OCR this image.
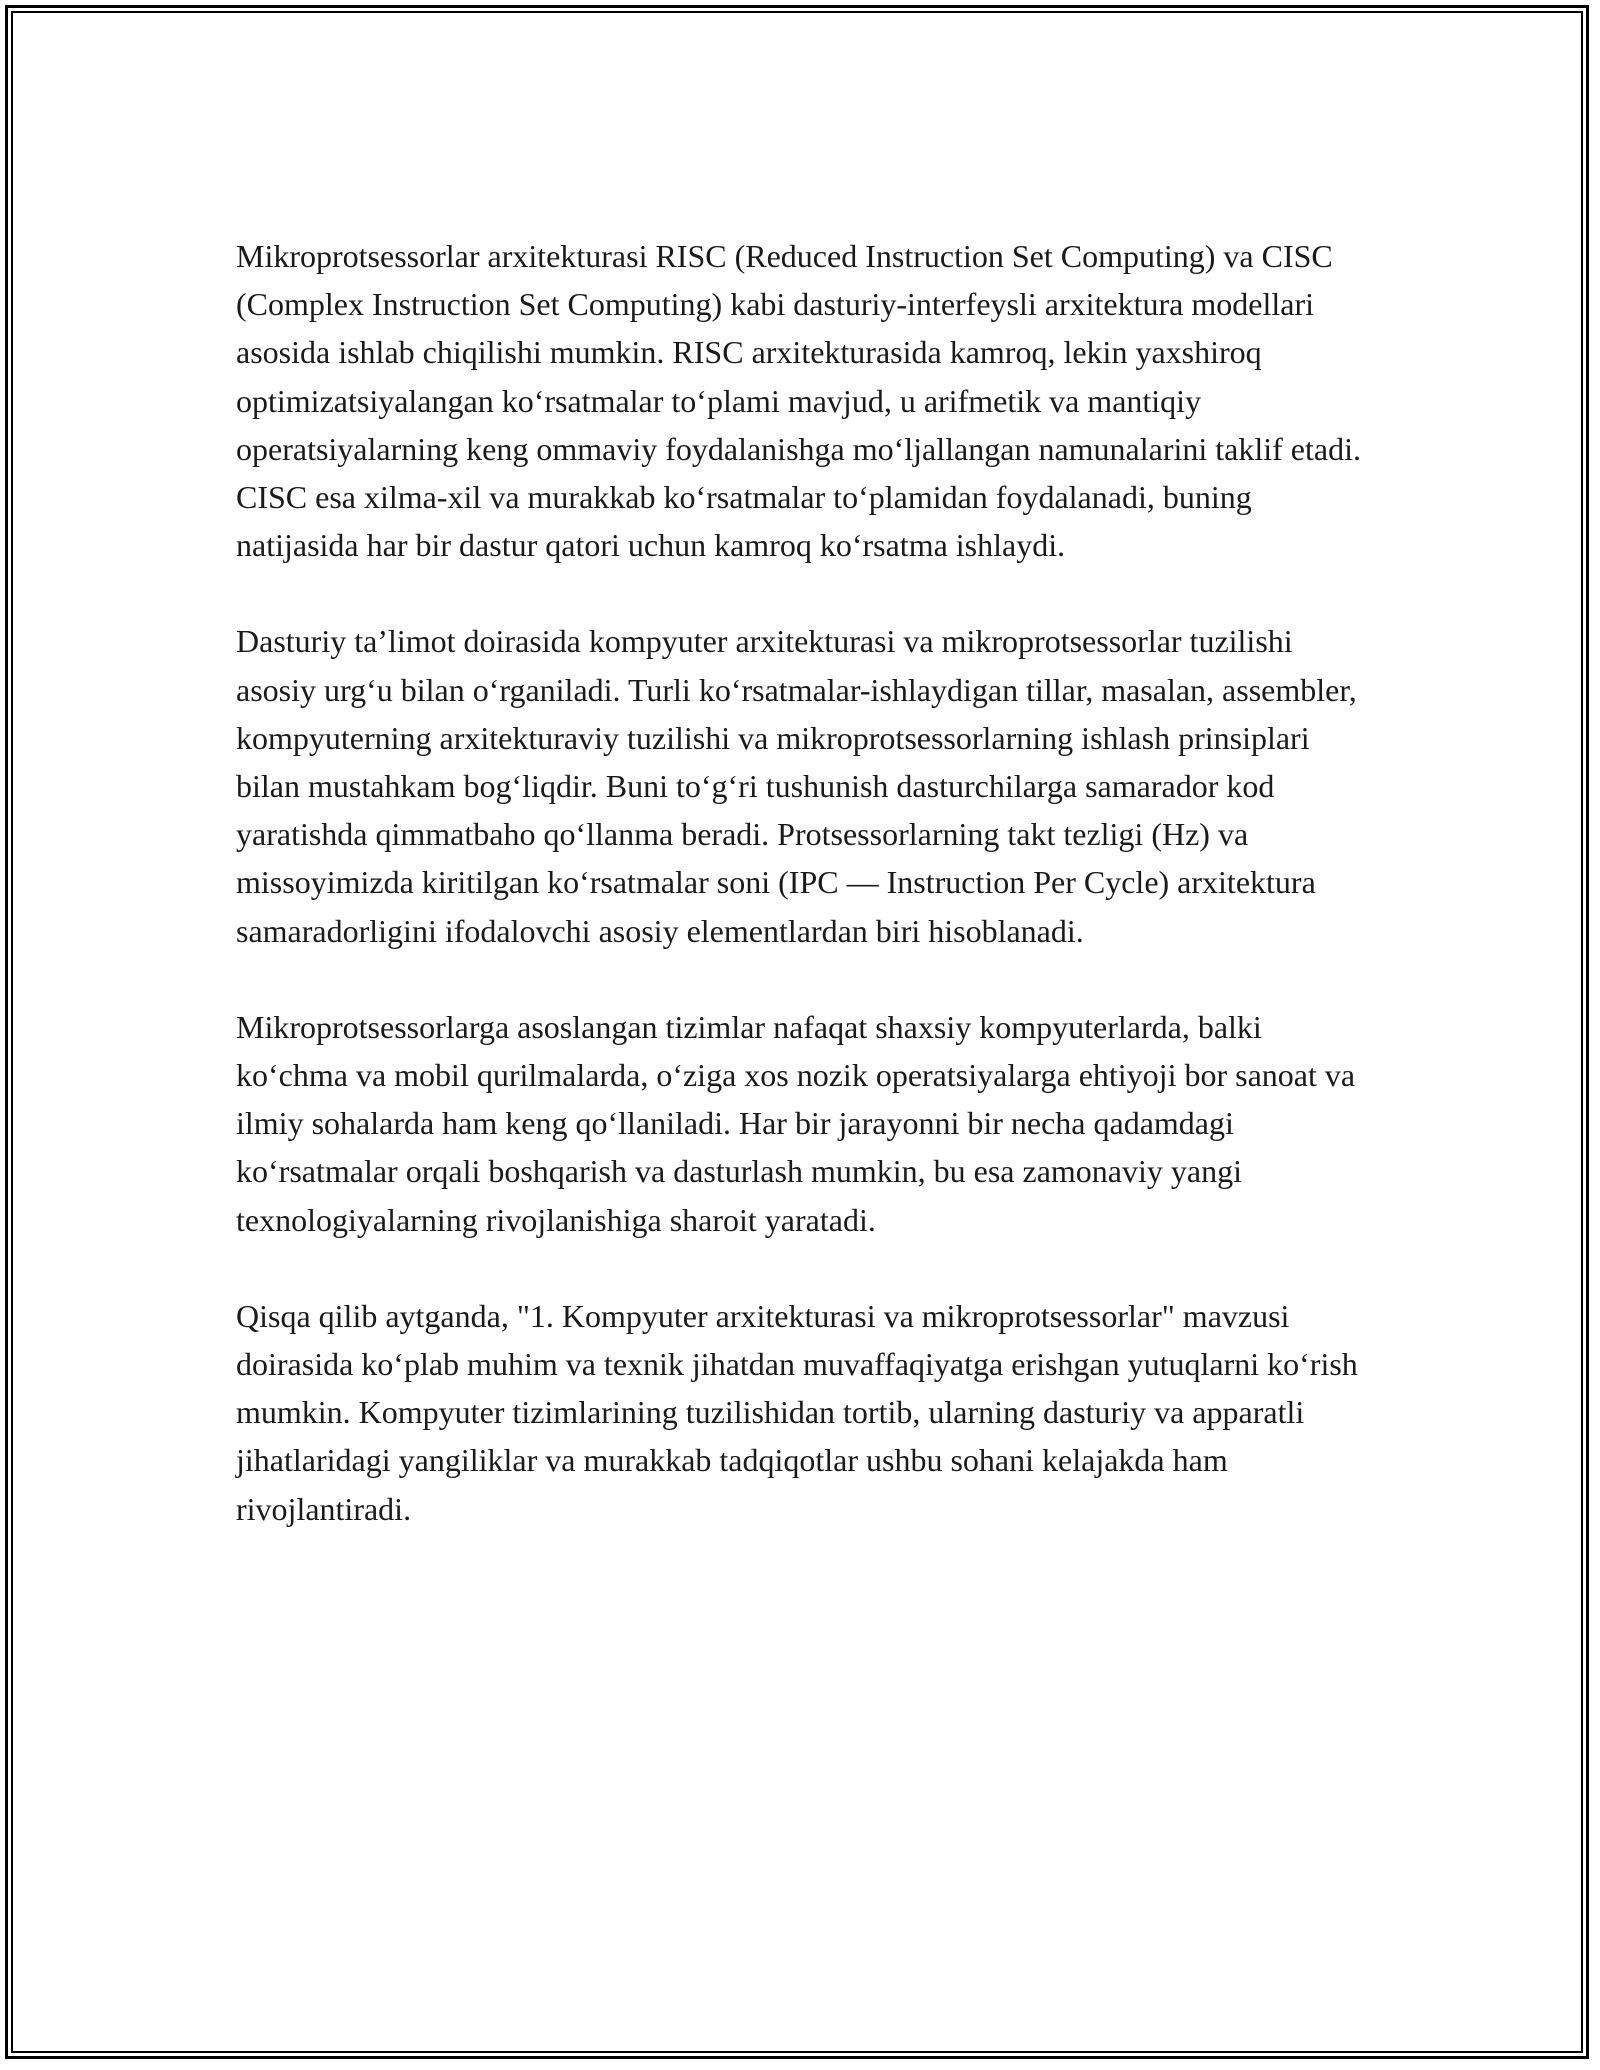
Mikroprotsessorlar arxitekturasi RISC (Reduced Instruction Set Computing) va CISC (Complex Instruction Set Computing) kabi dasturiy-interfeysli arxitektura modellari asosida ishlab chiqilishi mumkin. RISC arxitekturasida kamroq, lekin yaxshiroq optimizatsiyalangan koʻrsatmalar toʻplami mavjud, u arifmetik va mantiqiy operatsiyalarning keng ommaviy foydalanishga moʻljallangan namunalarini taklif etadi. CISC esa xilma-xil va murakkab koʻrsatmalar toʻplamidan foydalanadi, buning natijasida har bir dastur qatori uchun kamroq koʻrsatma ishlaydi.

Dasturiy taʼlimot doirasida kompyuter arxitekturasi va mikroprotsessorlar tuzilishi asosiy urgʻu bilan oʻrganiladi. Turli koʻrsatmalar-ishlaydigan tillar, masalan, assembler, kompyuterning arxitekturaviy tuzilishi va mikroprotsessorlarning ishlash prinsiplari bilan mustahkam bogʻliqdir. Buni toʻgʻri tushunish dasturchilarga samarador kod yaratishda qimmatbaho qoʻllanma beradi. Protsessorlarning takt tezligi (Hz) va missoyimizda kiritilgan koʻrsatmalar soni (IPC — Instruction Per Cycle) arxitektura samaradorligini ifodalovchi asosiy elementlardan biri hisoblanadi.

Mikroprotsessorlarga asoslangan tizimlar nafaqat shaxsiy kompyuterlarda, balki koʻchma va mobil qurilmalarda, oʻziga xos nozik operatsiyalarga ehtiyoji bor sanoat va ilmiy sohalarda ham keng qoʻllaniladi. Har bir jarayonni bir necha qadamdagi koʻrsatmalar orqali boshqarish va dasturlash mumkin, bu esa zamonaviy yangi texnologiyalarning rivojlanishiga sharoit yaratadi.

Qisqa qilib aytganda, "1. Kompyuter arxitekturasi va mikroprotsessorlar" mavzusi doirasida koʻplab muhim va texnik jihatdan muvaffaqiyatga erishgan yutuqlarni koʻrish mumkin. Kompyuter tizimlarining tuzilishidan tortib, ularning dasturiy va apparatli jihatlaridagi yangiliklar va murakkab tadqiqotlar ushbu sohani kelajakda ham rivojlantiradi.
